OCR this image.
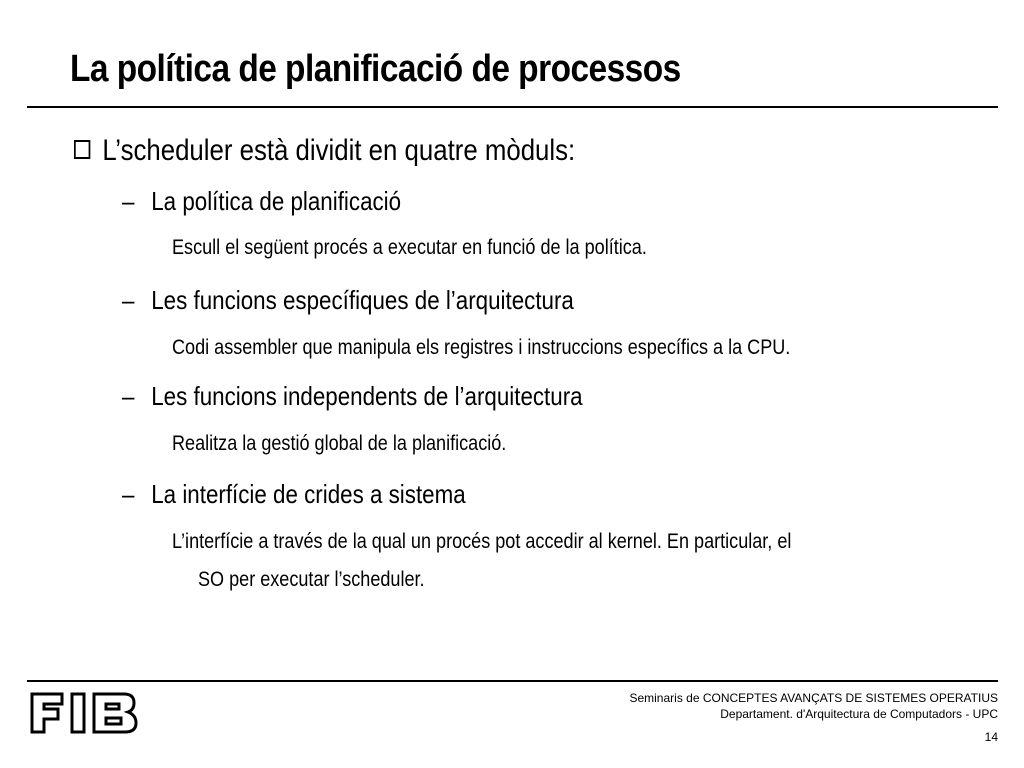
La política de planificació de processos
L’scheduler està dividit en quatre mòduls:
– La política de planificació
Escull el següent procés a executar en funció de la política.
– Les funcions específiques de l’arquitectura
Codi assembler que manipula els registres i instruccions específics a la CPU.
– Les funcions independents de l’arquitectura
Realitza la gestió global de la planificació.
– La interfície de crides a sistema
L’interfície a través de la qual un procés pot accedir al kernel. En particular, el
SO per executar l’scheduler.
Seminaris de CONCEPTES AVANÇATS DE SISTEMES OPERATIUS
Departament. d'Arquitectura de Computadors - UPC
14
